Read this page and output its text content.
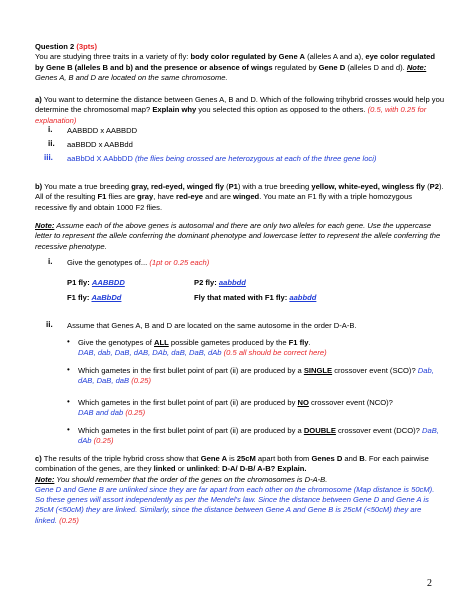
Question 2 (3pts)
You are studying three traits in a variety of fly: body color regulated by Gene A (alleles A and a), eye color regulated by Gene B (alleles B and b) and the presence or absence of wings regulated by Gene D (alleles D and d). Note: Genes A, B and D are located on the same chromosome.
a) You want to determine the distance between Genes A, B and D. Which of the following trihybrid crosses would help you determine the chromosomal map? Explain why you selected this option as opposed to the others. (0.5, with 0.25 for explanation)
i. AABBDD x AABBDD
ii. aaBBDD x AABBdd
iii. aaBbDd X AAbbDD (the flies being crossed are heterozygous at each of the three gene loci)
b) You mate a true breeding gray, red-eyed, winged fly (P1) with a true breeding yellow, white-eyed, wingless fly (P2). All of the resulting F1 flies are gray, have red-eye and are winged. You mate an F1 fly with a triple homozygous recessive fly and obtain 1000 F2 flies.
Note: Assume each of the above genes is autosomal and there are only two alleles for each gene. Use the uppercase letter to represent the allele conferring the dominant phenotype and lowercase letter to represent the allele conferring the recessive phenotype.
i. Give the genotypes of... (1pt or 0.25 each)
P1 fly: AABBDD	P2 fly: aabbdd
F1 fly: AaBbDd	Fly that mated with F1 fly: aabbdd
ii. Assume that Genes A, B and D are located on the same autosome in the order D-A-B.
• Give the genotypes of ALL possible gametes produced by the F1 fly.
DAB, dab, DaB, dAB, DAb, daB, DaB, dAb (0.5 all should be correct here)
• Which gametes in the first bullet point of part (ii) are produced by a SINGLE crossover event (SCO)? Dab, dAB, DaB, daB (0.25)
• Which gametes in the first bullet point of part (ii) are produced by NO crossover event (NCO)?
DAB and dab (0.25)
• Which gametes in the first bullet point of part (ii) are produced by a DOUBLE crossover event (DCO)? DaB, dAb (0.25)
c) The results of the triple hybrid cross show that Gene A is 25cM apart both from Genes D and B. For each pairwise combination of the genes, are they linked or unlinked: D-A/ D-B/ A-B? Explain.
Note: You should remember that the order of the genes on the chromosomes is D-A-B.
Gene D and Gene B are unlinked since they are far apart from each other on the chromosome (Map distance is 50cM). So these genes will assort independently as per the Mendel's law. Since the distance between Gene D and Gene A is 25cM (<50cM) they are linked. Similarly, since the distance between Gene A and Gene B is 25cM (<50cM) they are linked. (0.25)
2
